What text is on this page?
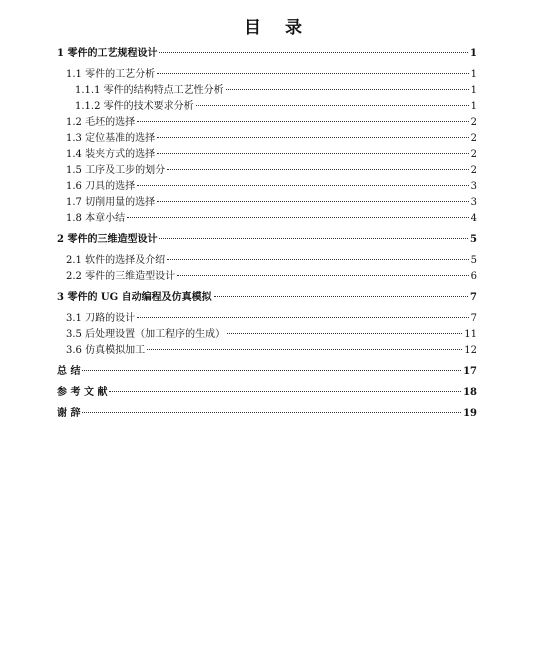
目 录
1 零件的工艺规程设计	1
1.1 零件的工艺分析	1
1.1.1 零件的结构特点工艺性分析	1
1.1.2 零件的技术要求分析	1
1.2 毛坯的选择	2
1.3 定位基准的选择	2
1.4 装夹方式的选择	2
1.5 工序及工步的划分	2
1.6 刀具的选择	3
1.7 切削用量的选择	3
1.8 本章小结	4
2 零件的三维造型设计	5
2.1 软件的选择及介绍	5
2.2 零件的三维造型设计	6
3 零件的 UG 自动编程及仿真模拟	7
3.1 刀路的设计	7
3.5 后处理设置（加工程序的生成）	11
3.6 仿真模拟加工	12
总 结	17
参 考 文 献	18
谢 辞	19
